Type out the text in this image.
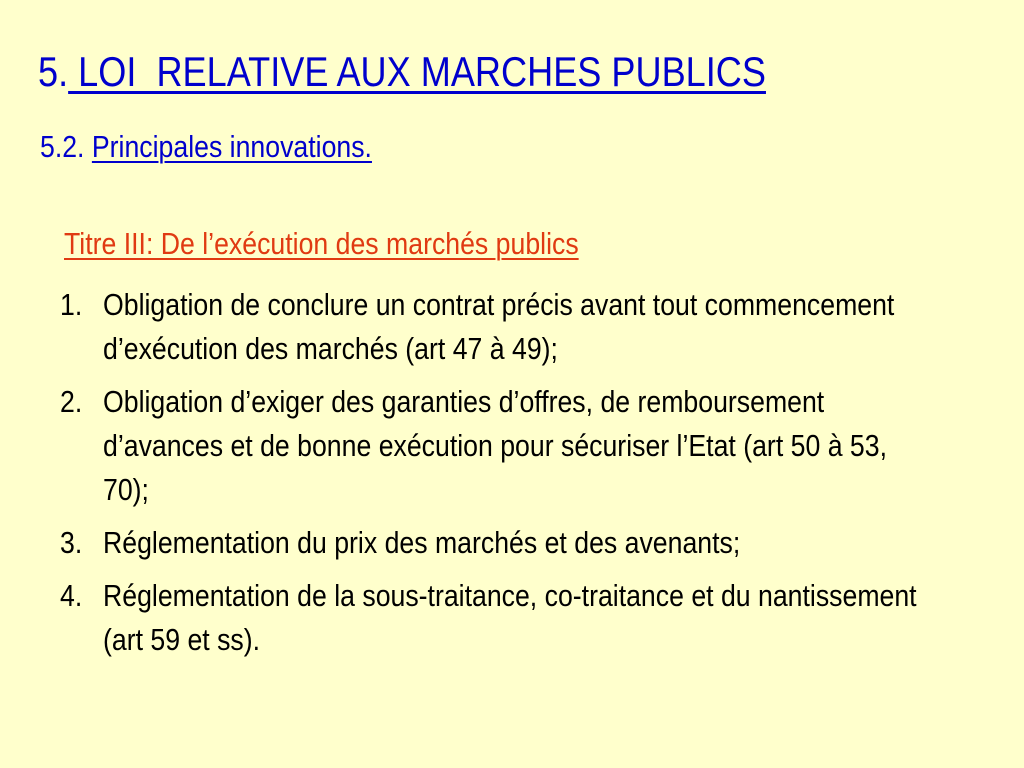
5. LOI  RELATIVE AUX MARCHES PUBLICS
5.2. Principales innovations.
Titre III: De l’exécution des marchés publics
1. Obligation de conclure un contrat précis avant tout commencement d’exécution des marchés (art 47 à 49);
2. Obligation d’exiger des garanties d’offres, de remboursement d’avances et de bonne exécution pour sécuriser l’Etat (art 50 à 53, 70);
3. Réglementation du prix des marchés et des avenants;
4. Réglementation de la sous-traitance, co-traitance et du nantissement (art 59 et ss).
